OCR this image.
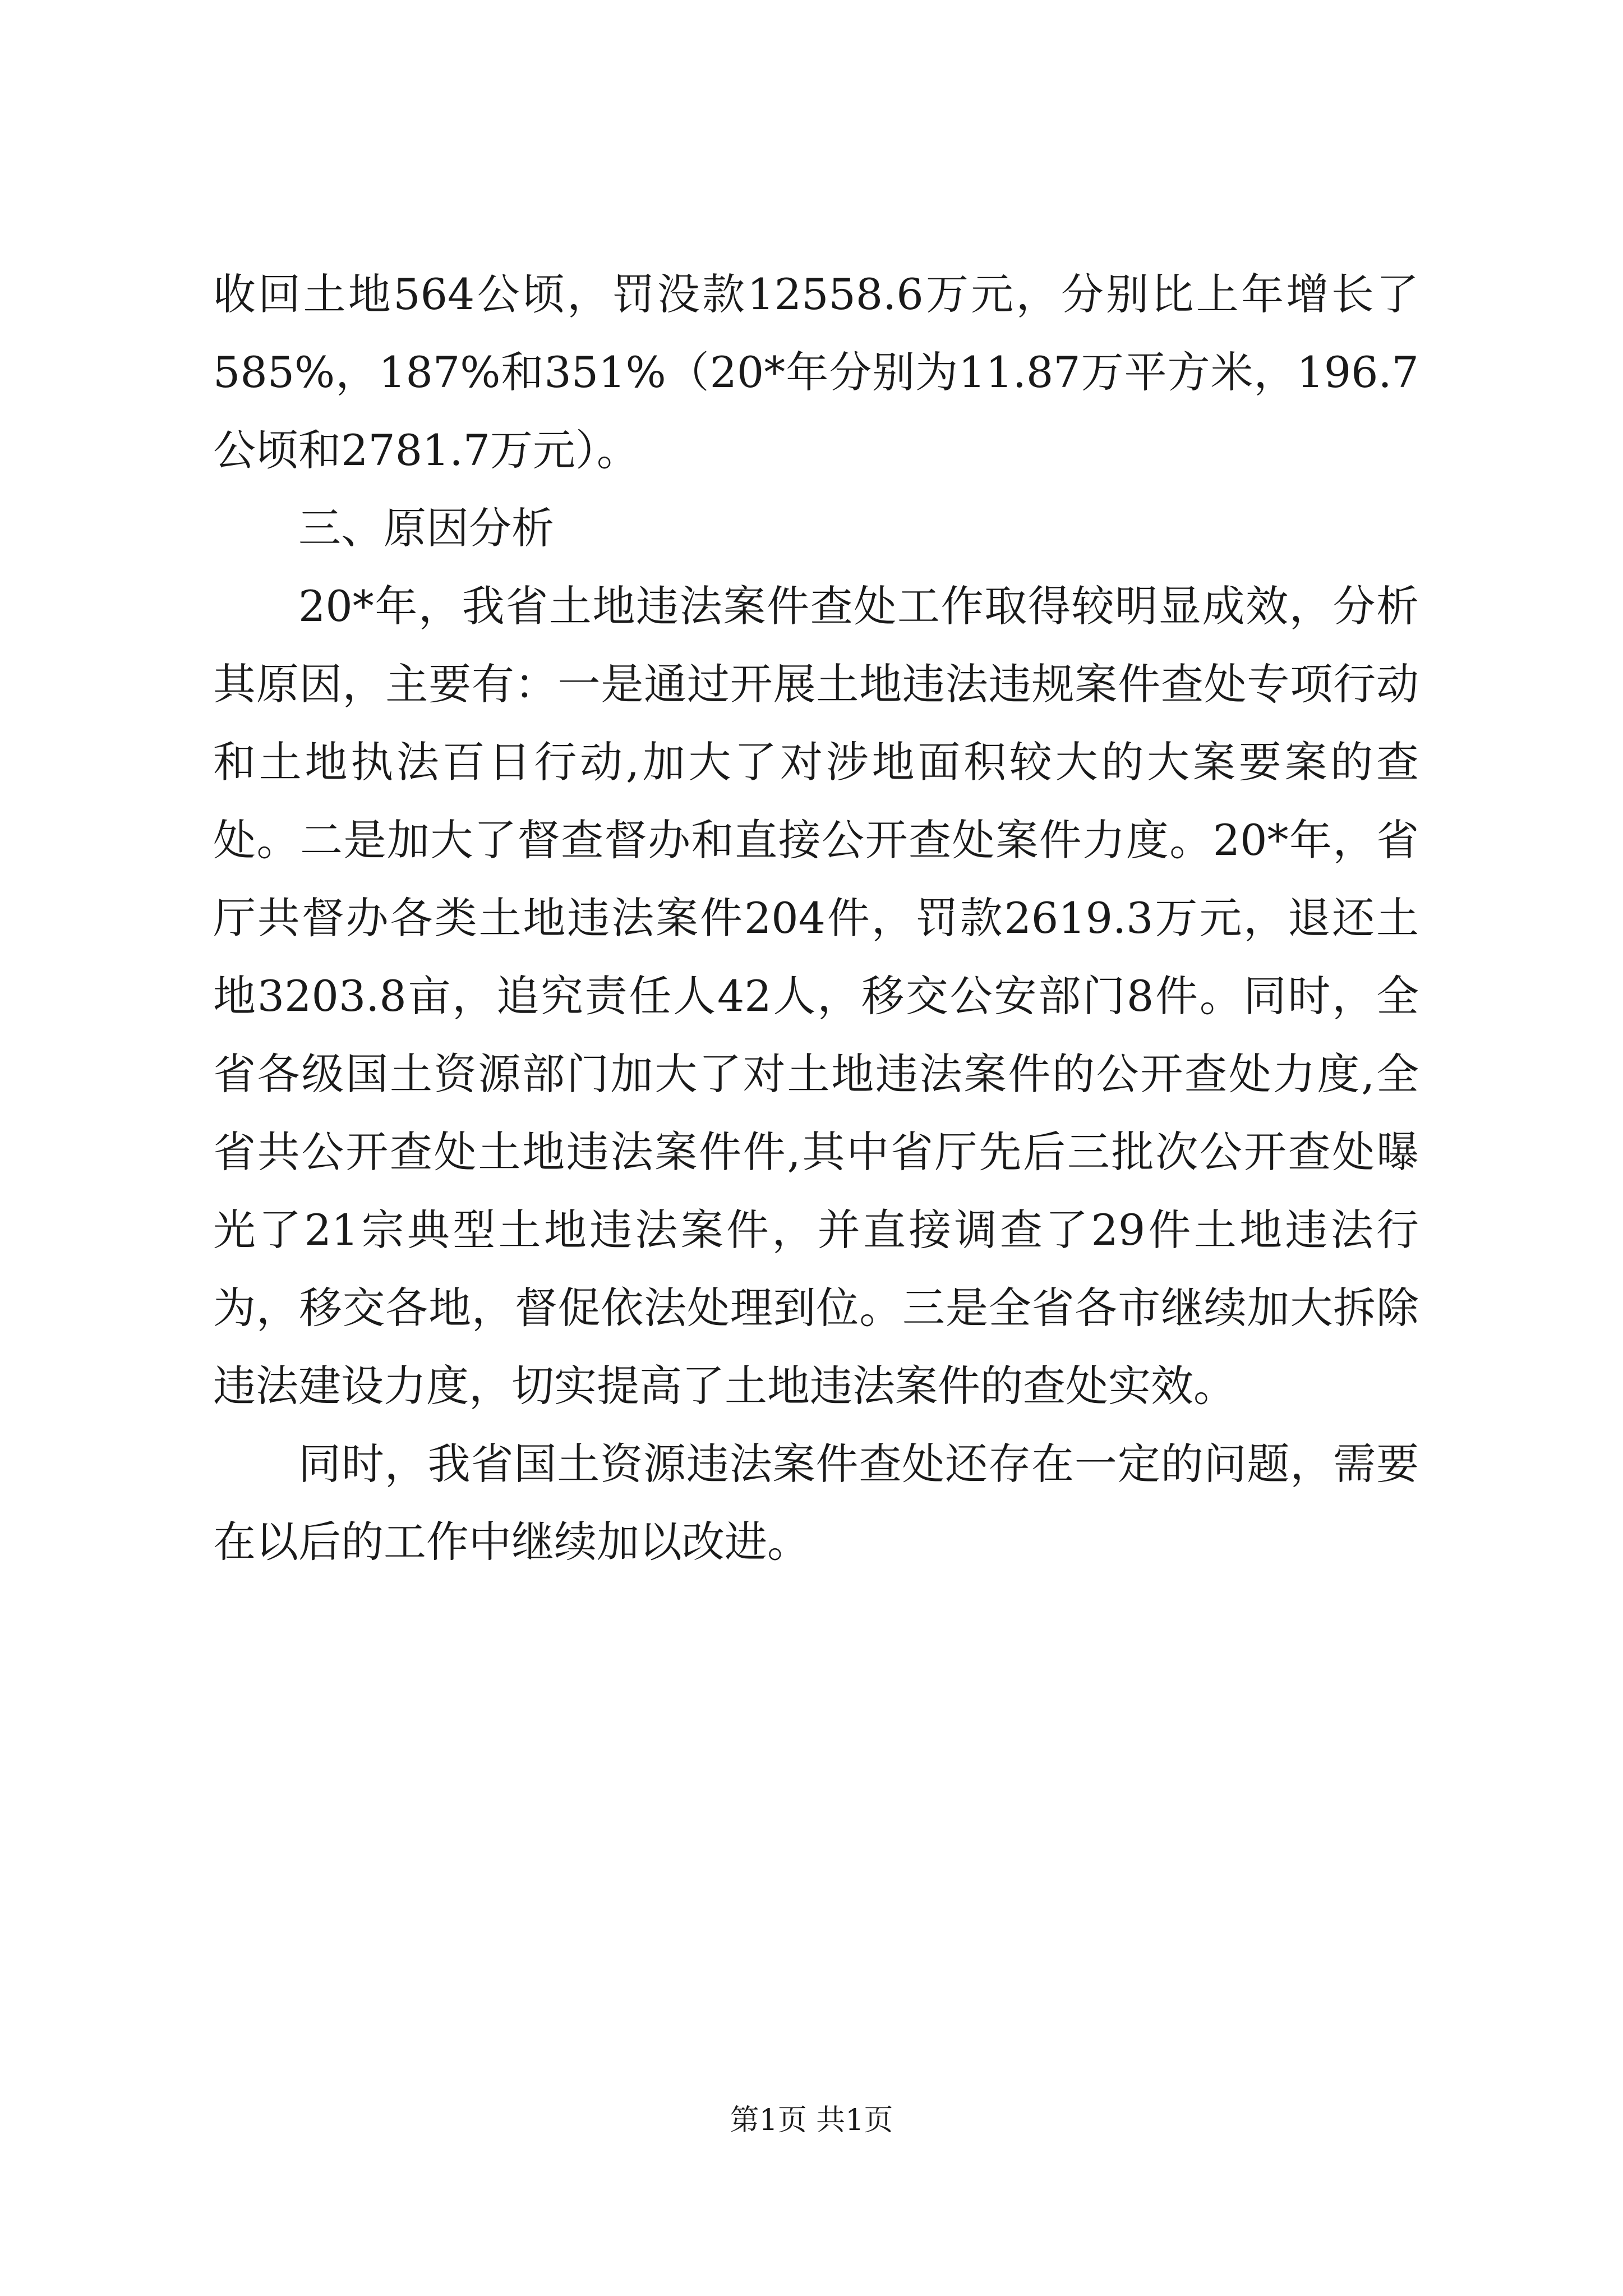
收回土地564公顷，罚没款12558.6万元，分别比上年增长了585%，187%和351%（20*年分别为11.87万平方米，196.7公顷和2781.7万元）。

三、原因分析

20*年，我省土地违法案件查处工作取得较明显成效，分析其原因，主要有：一是通过开展土地违法违规案件查处专项行动和土地执法百日行动,加大了对涉地面积较大的大案要案的查处。二是加大了督查督办和直接公开查处案件力度。20*年，省厅共督办各类土地违法案件204件，罚款2619.3万元，退还土地3203.8亩，追究责任人42人，移交公安部门8件。同时，全省各级国土资源部门加大了对土地违法案件的公开查处力度,全省共公开查处土地违法案件件,其中省厅先后三批次公开查处曝光了21宗典型土地违法案件，并直接调查了29件土地违法行为，移交各地，督促依法处理到位。三是全省各市继续加大拆除违法建设力度，切实提高了土地违法案件的查处实效。

同时，我省国土资源违法案件查处还存在一定的问题，需要在以后的工作中继续加以改进。

第1页 共1页
